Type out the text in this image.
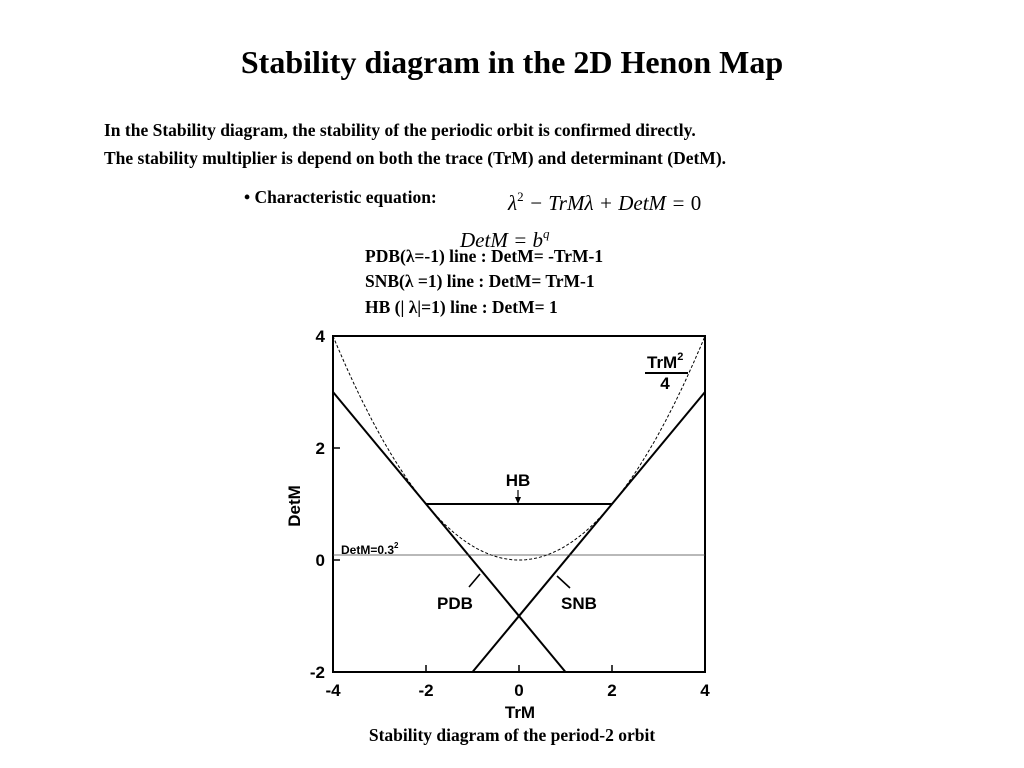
Stability diagram in the 2D Henon Map
In the Stability diagram, the stability of the periodic orbit is confirmed directly.
The stability multiplier is depend on both the trace (TrM) and determinant (DetM).
• Characteristic equation:	$\lambda^2 - TrM\lambda$ + DetM = 0
DetM = $b^q$
PDB(λ=-1) line : DetM= -TrM-1
SNB(λ =1) line : DetM= TrM-1
HB (| λ|=1) line : DetM= 1
-4	-2	0	2	4
-2
0
2
4
HB
PDB	SNB
$DetM=0.3^2$
TrM$^2$
4
TrM
DetM
Stability diagram of the period-2 orbit
